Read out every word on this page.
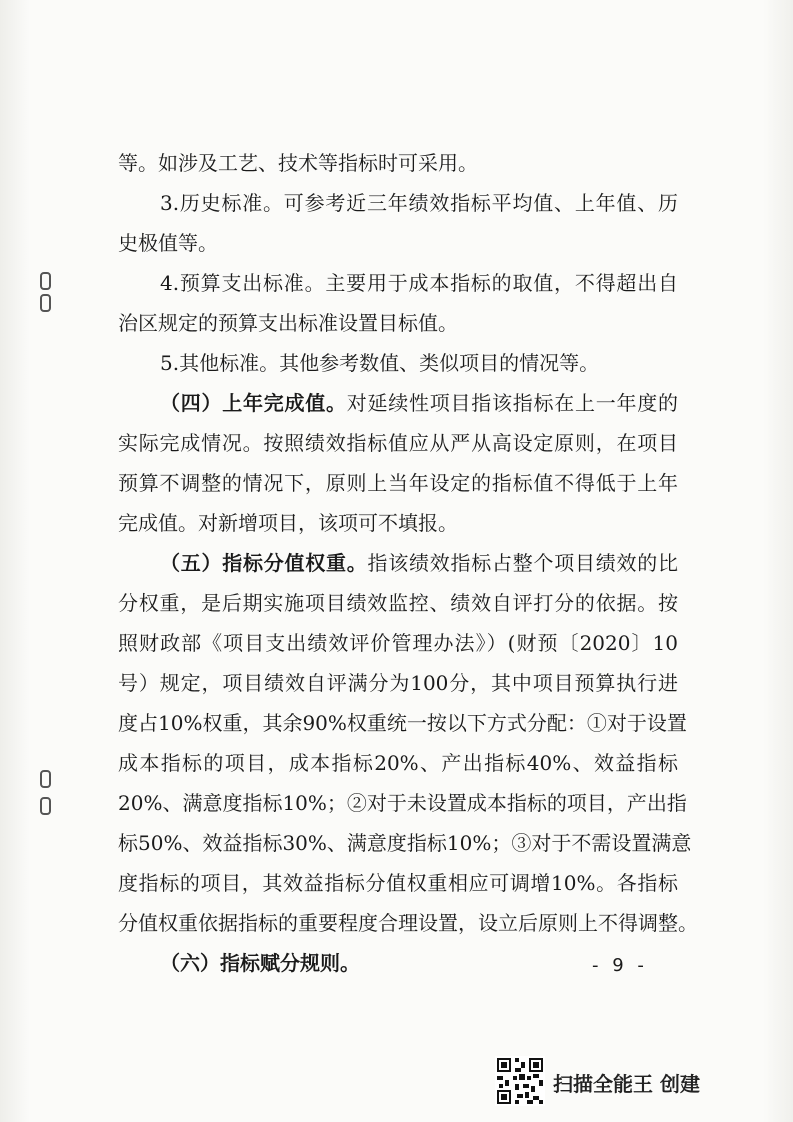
等。如涉及工艺、技术等指标时可采用。
3.历史标准。可参考近三年绩效指标平均值、上年值、历
史极值等。
4.预算支出标准。主要用于成本指标的取值，不得超出自
治区规定的预算支出标准设置目标值。
5.其他标准。其他参考数值、类似项目的情况等。
（四）上年完成值。对延续性项目指该指标在上一年度的
实际完成情况。按照绩效指标值应从严从高设定原则，在项目
预算不调整的情况下，原则上当年设定的指标值不得低于上年
完成值。对新增项目，该项可不填报。
（五）指标分值权重。指该绩效指标占整个项目绩效的比
分权重，是后期实施项目绩效监控、绩效自评打分的依据。按
照财政部《项目支出绩效评价管理办法》）(财预〔2020〕10
号）规定，项目绩效自评满分为100分，其中项目预算执行进
度占10%权重，其余90%权重统一按以下方式分配：①对于设置
成本指标的项目，成本指标20%、产出指标40%、效益指标
20%、满意度指标10%；②对于未设置成本指标的项目，产出指
标50%、效益指标30%、满意度指标10%；③对于不需设置满意
度指标的项目，其效益指标分值权重相应可调增10%。各指标
分值权重依据指标的重要程度合理设置，设立后原则上不得调整。
（六）指标赋分规则。	- 9 -
扫描全能王 创建
